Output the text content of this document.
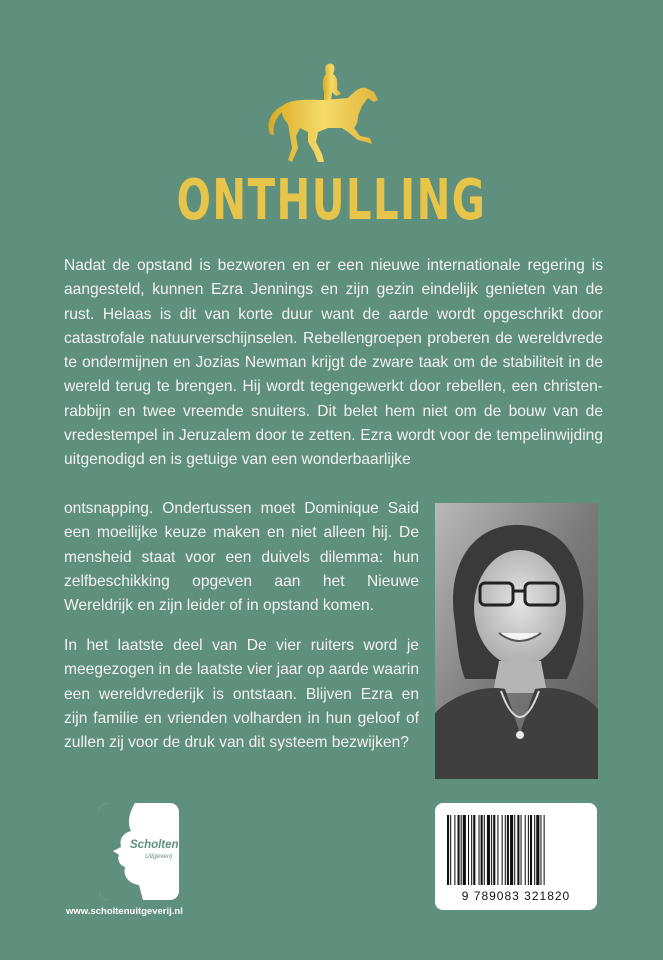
ONTHULLING
Nadat de opstand is bezworen en er een nieuwe internationale regering is aangesteld, kunnen Ezra Jennings en zijn gezin eindelijk genieten van de rust. Helaas is dit van korte duur want de aarde wordt opgeschrikt door catastrofale natuurverschijnselen. Rebellengroepen proberen de wereldvrede te ondermijnen en Jozias Newman krijgt de zware taak om de stabiliteit in de wereld terug te brengen. Hij wordt tegengewerkt door rebellen, een christen-rabbijn en twee vreemde snuiters. Dit belet hem niet om de bouw van de vredestempel in Jeruzalem door te zetten. Ezra wordt voor de tempelinwijding uitgenodigd en is getuige van een wonderbaarlijke
ontsnapping. Ondertussen moet Dominique Said een moeilijke keuze maken en niet alleen hij. De mensheid staat voor een duivels dilemma: hun zelfbeschikking opgeven aan het Nieuwe Wereldrijk en zijn leider of in opstand komen.
In het laatste deel van De vier ruiters word je meegezogen in de laatste vier jaar op aarde waarin een wereldvrederijk is ontstaan. Blijven Ezra en zijn familie en vrienden volharden in hun geloof of zullen zij voor de druk van dit systeem bezwijken?
Scholten
Uitgeverij
www.scholtenuitgeverij.nl
9 789083 321820
